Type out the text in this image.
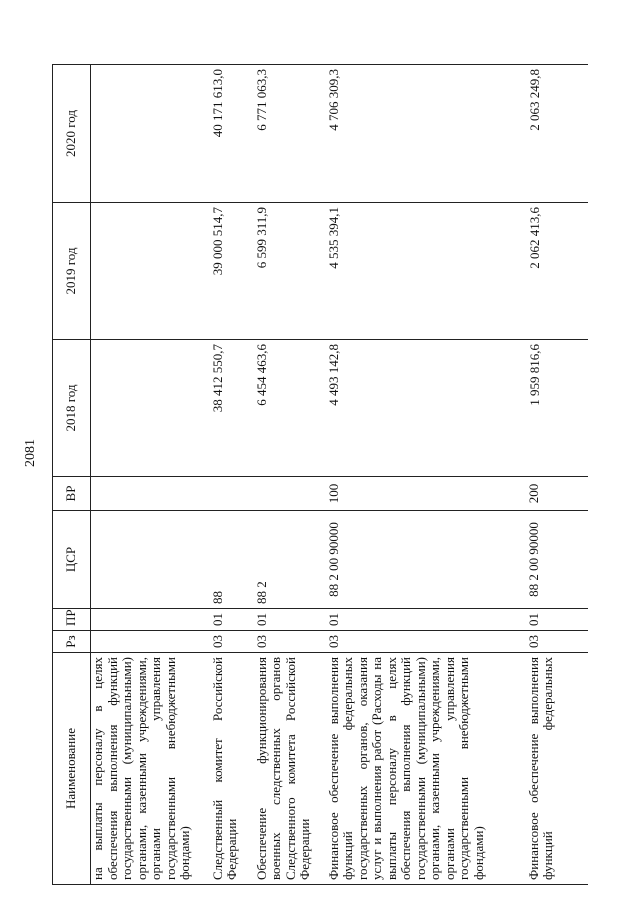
2081
Наименование	Рз	ПР	ЦСР	ВР	2018 год	2019 год	2020 год
на выплаты персоналу в целях обеспечения выполнения функций государственными (муниципальными) органами, казенными учреждениями, органами управления государственными внебюджетными фондами)							
Следственный комитет Российской Федерации	03	01	88		38 412 550,7	39 000 514,7	40 171 613,0
Обеспечение функционирования военных следственных органов Следственного комитета Российской Федерации	03	01	88 2		6 454 463,6	6 599 311,9	6 771 063,3
Финансовое обеспечение выполнения функций федеральных государственных органов, оказания услуг и выполнения работ (Расходы на выплаты персоналу в целях обеспечения выполнения функций государственными (муниципальными) органами, казенными учреждениями, органами управления государственными внебюджетными фондами)	03	01	88 2 00 90000	100	4 493 142,8	4 535 394,1	4 706 309,3
Финансовое обеспечение выполнения функций федеральных	03	01	88 2 00 90000	200	1 959 816,6	2 062 413,6	2 063 249,8
